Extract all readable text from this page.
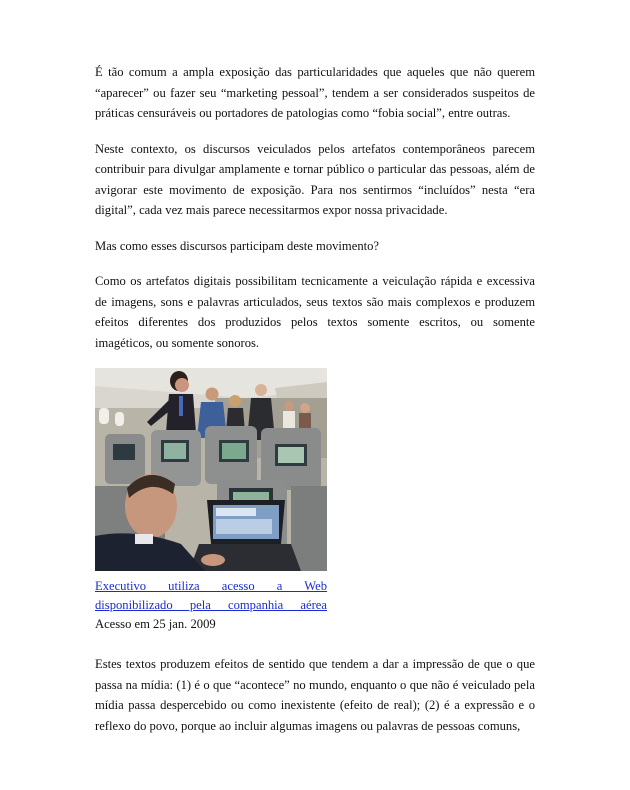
É tão comum a ampla exposição das particularidades que aqueles que não querem “aparecer” ou fazer seu “marketing pessoal”, tendem a ser considerados suspeitos de práticas censuráveis ou portadores de patologias como “fobia social”, entre outras.

Neste contexto, os discursos veiculados pelos artefatos contemporâneos parecem contribuir para divulgar amplamente e tornar público o particular das pessoas, além de avigorar este movimento de exposição. Para nos sentirmos “incluídos” nesta “era digital”, cada vez mais parece necessitarmos expor nossa privacidade.

Mas como esses discursos participam deste movimento?

Como os artefatos digitais possibilitam tecnicamente a veiculação rápida e excessiva de imagens, sons e palavras articulados, seus textos são mais complexos e produzem efeitos diferentes dos produzidos pelos textos somente escritos, ou somente imagéticos, ou somente sonoros.

Executivo utiliza acesso a Web
disponibilizado pela companhia aérea
Acesso em 25 jan. 2009

Estes textos produzem efeitos de sentido que tendem a dar a impressão de que o que passa na mídia: (1) é o que “acontece” no mundo, enquanto o que não é veiculado pela mídia passa despercebido ou como inexistente (efeito de real); (2) é a expressão e o reflexo do povo, porque ao incluir algumas imagens ou palavras de pessoas comuns,
